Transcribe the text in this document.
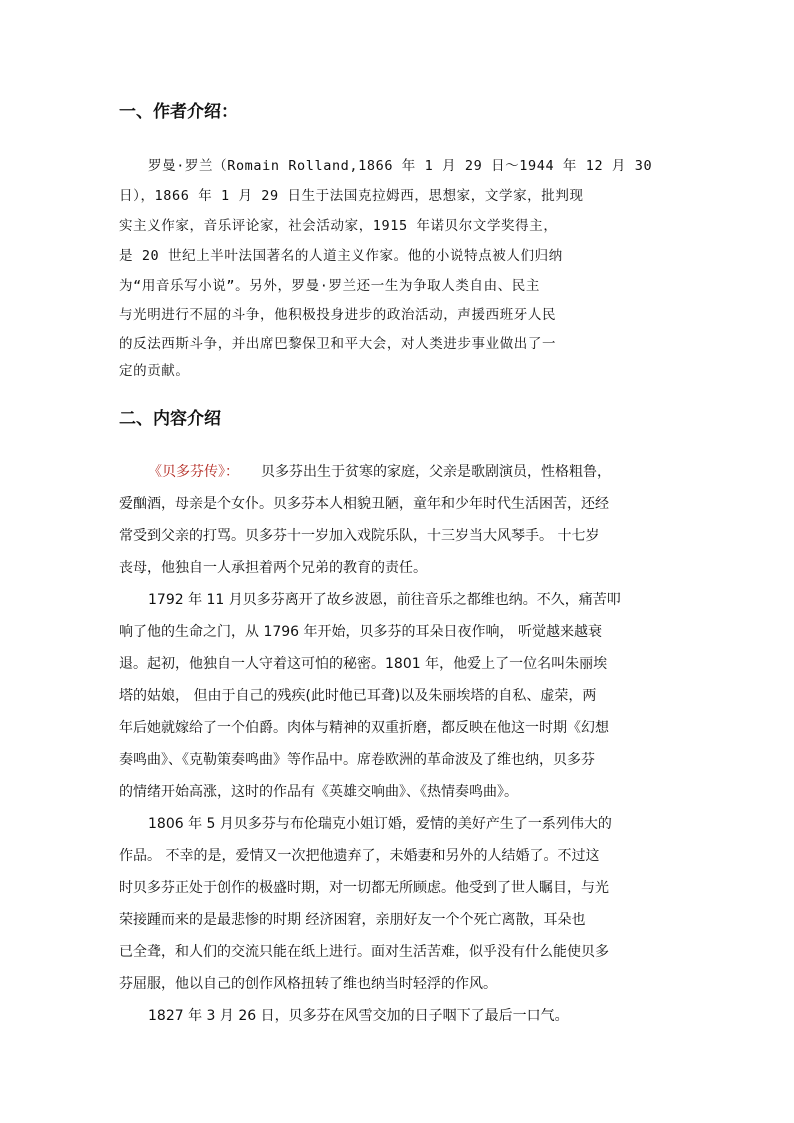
一、作者介绍：

罗曼·罗兰（Romain Rolland,1866 年 1 月 29 日～1944 年 12 月 30

日），1866 年 1 月 29 日生于法国克拉姆西，思想家，文学家，批判现

实主义作家，音乐评论家，社会活动家，1915 年诺贝尔文学奖得主，

是 20 世纪上半叶法国著名的人道主义作家。他的小说特点被人们归纳

为“用音乐写小说”。另外，罗曼·罗兰还一生为争取人类自由、民主

与光明进行不屈的斗争，他积极投身进步的政治活动，声援西班牙人民

的反法西斯斗争，并出席巴黎保卫和平大会，对人类进步事业做出了一

定的贡献。

二、内容介绍

《贝多芬传》： 贝多芬出生于贫寒的家庭，父亲是歌剧演员，性格粗鲁，

爱酗酒，母亲是个女仆。贝多芬本人相貌丑陋，童年和少年时代生活困苦，还经

常受到父亲的打骂。贝多芬十一岁加入戏院乐队，十三岁当大风琴手。 十七岁

丧母，他独自一人承担着两个兄弟的教育的责任。

1792 年 11 月贝多芬离开了故乡波恩，前往音乐之都维也纳。不久，痛苦叩

响了他的生命之门，从 1796 年开始，贝多芬的耳朵日夜作响， 听觉越来越衰

退。起初，他独自一人守着这可怕的秘密。1801 年，他爱上了一位名叫朱丽埃

塔的姑娘， 但由于自己的残疾(此时他已耳聋)以及朱丽埃塔的自私、虚荣，两

年后她就嫁给了一个伯爵。肉体与精神的双重折磨，都反映在他这一时期《幻想

奏鸣曲》、《克勒策奏鸣曲》等作品中。席卷欧洲的革命波及了维也纳，贝多芬

的情绪开始高涨，这时的作品有《英雄交响曲》、《热情奏鸣曲》。

1806 年 5 月贝多芬与布伦瑞克小姐订婚，爱情的美好产生了一系列伟大的

作品。 不幸的是，爱情又一次把他遗弃了，未婚妻和另外的人结婚了。不过这

时贝多芬正处于创作的极盛时期，对一切都无所顾虑。他受到了世人瞩目，与光

荣接踵而来的是最悲惨的时期 经济困窘，亲朋好友一个个死亡离散，耳朵也

已全聋，和人们的交流只能在纸上进行。面对生活苦难，似乎没有什么能使贝多

芬屈服，他以自己的创作风格扭转了维也纳当时轻浮的作风。

1827 年 3 月 26 日，贝多芬在风雪交加的日子咽下了最后一口气。
